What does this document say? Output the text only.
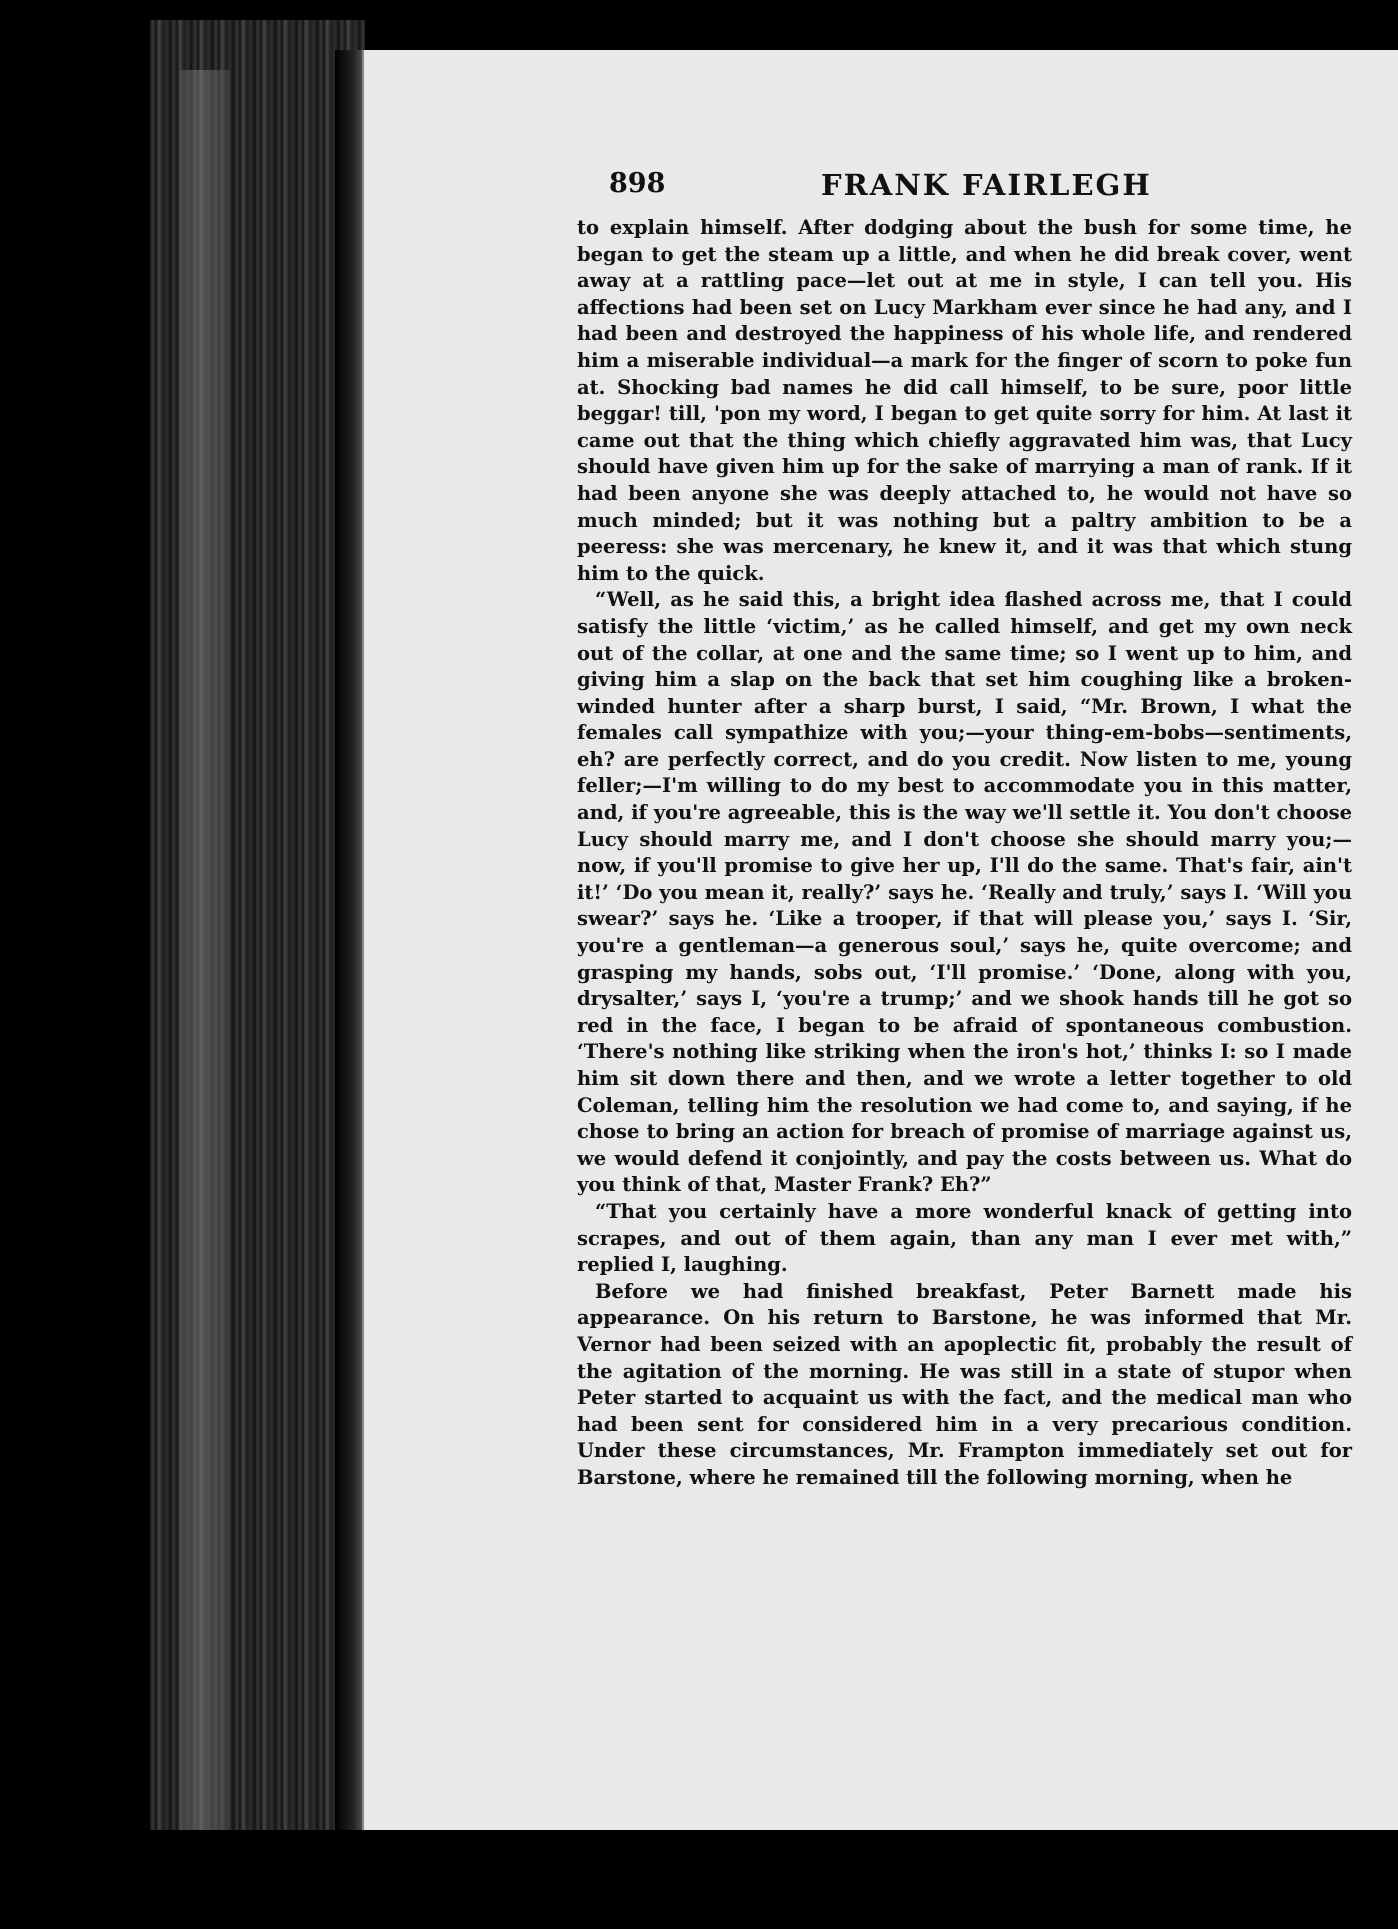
898	FRANK FAIRLEGH

to explain himself. After dodging about the bush for some time, he began to get the steam up a little, and when he did break cover, went away at a rattling pace—let out at me in style, I can tell you. His affections had been set on Lucy Markham ever since he had any, and I had been and destroyed the happiness of his whole life, and rendered him a miserable individual—a mark for the finger of scorn to poke fun at. Shocking bad names he did call himself, to be sure, poor little beggar! till, 'pon my word, I began to get quite sorry for him. At last it came out that the thing which chiefly aggravated him was, that Lucy should have given him up for the sake of marrying a man of rank. If it had been anyone she was deeply attached to, he would not have so much minded; but it was nothing but a paltry ambition to be a peeress: she was mercenary, he knew it, and it was that which stung him to the quick.

“Well, as he said this, a bright idea flashed across me, that I could satisfy the little ‘victim,’ as he called himself, and get my own neck out of the collar, at one and the same time; so I went up to him, and giving him a slap on the back that set him coughing like a broken-winded hunter after a sharp burst, I said, “Mr. Brown, I what the females call sympathize with you;—your thing-em-bobs—sentiments, eh? are perfectly correct, and do you credit. Now listen to me, young feller;—I'm willing to do my best to accommodate you in this matter, and, if you're agreeable, this is the way we'll settle it. You don't choose Lucy should marry me, and I don't choose she should marry you;—now, if you'll promise to give her up, I'll do the same. That's fair, ain't it!’ ‘Do you mean it, really?’ says he. ‘Really and truly,’ says I. ‘Will you swear?’ says he. ‘Like a trooper, if that will please you,’ says I. ‘Sir, you're a gentleman—a generous soul,’ says he, quite overcome; and grasping my hands, sobs out, ‘I'll promise.’ ‘Done, along with you, drysalter,’ says I, ‘you're a trump;’ and we shook hands till he got so red in the face, I began to be afraid of spontaneous combustion. ‘There's nothing like striking when the iron's hot,’ thinks I: so I made him sit down there and then, and we wrote a letter together to old Coleman, telling him the resolution we had come to, and saying, if he chose to bring an action for breach of promise of marriage against us, we would defend it conjointly, and pay the costs between us. What do you think of that, Master Frank? Eh?”

“That you certainly have a more wonderful knack of getting into scrapes, and out of them again, than any man I ever met with,” replied I, laughing.

Before we had finished breakfast, Peter Barnett made his appearance. On his return to Barstone, he was informed that Mr. Vernor had been seized with an apoplectic fit, probably the result of the agitation of the morning. He was still in a state of stupor when Peter started to acquaint us with the fact, and the medical man who had been sent for considered him in a very precarious condition. Under these circumstances, Mr. Frampton immediately set out for Barstone, where he remained till the following morning, when he
